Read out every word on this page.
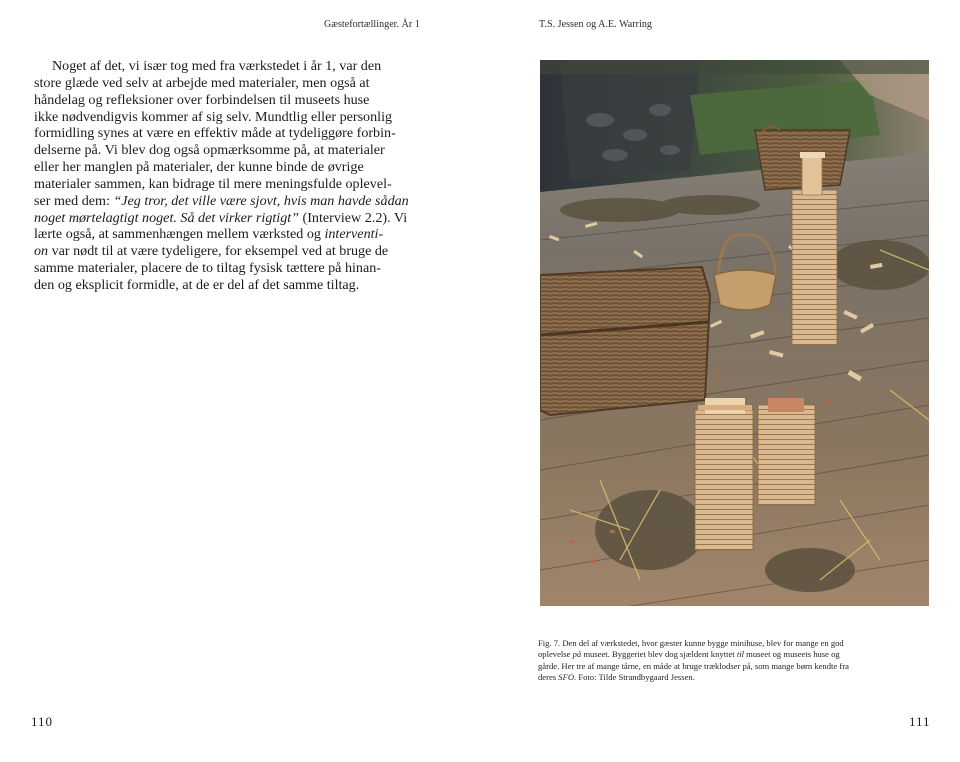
Gæstefortællinger. År 1
Noget af det, vi især tog med fra værkstedet i år 1, var den
store glæde ved selv at arbejde med materialer, men også at
håndelag og refleksioner over forbindelsen til museets huse
ikke nødvendigvis kommer af sig selv. Mundtlig eller personlig
formidling synes at være en effektiv måde at tydeliggøre forbin-
delserne på. Vi blev dog også opmærksomme på, at materialer
eller her manglen på materialer, der kunne binde de øvrige
materialer sammen, kan bidrage til mere meningsfulde oplevel-
ser med dem: “Jeg tror, det ville være sjovt, hvis man havde sådan
noget mørtelagtigt noget. Så det virker rigtigt” (Interview 2.2). Vi
lærte også, at sammenhængen mellem værksted og interventi-
on var nødt til at være tydeligere, for eksempel ved at bruge de
samme materialer, placere de to tiltag fysisk tættere på hinan-
den og eksplicit formidle, at de er del af det samme tiltag.
110
T.S. Jessen og A.E. Warring
Fig. 7. Den del af værkstedet, hvor gæster kunne bygge minihuse, blev for mange en god
oplevelse på museet. Byggeriet blev dog sjældent knyttet til museet og museets huse og
gårde. Her tre af mange tårne, en måde at bruge træklodser på, som mange børn kendte fra
deres SFO. Foto: Tilde Strandbygaard Jessen.
111
